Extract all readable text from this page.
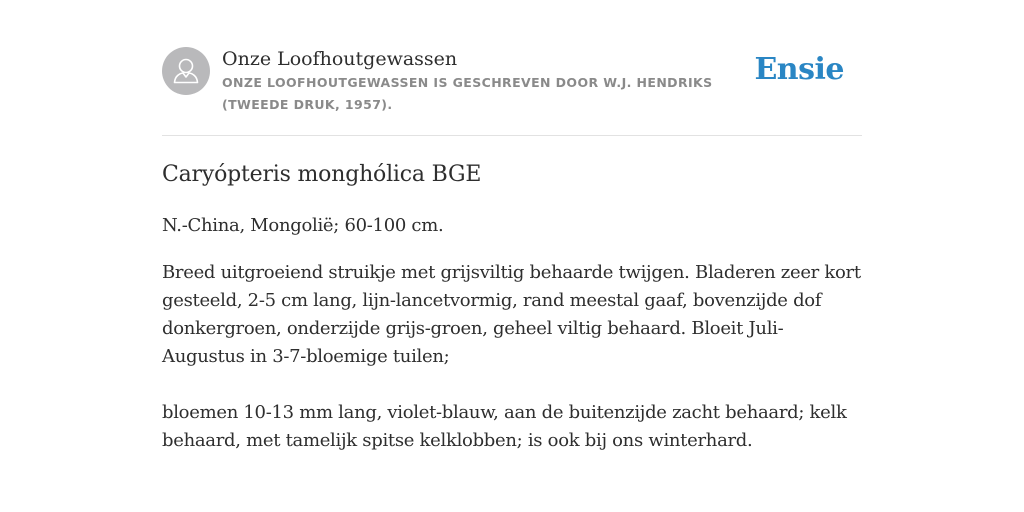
Onze Loofhoutgewassen
ONZE LOOFHOUTGEWASSEN IS GESCHREVEN DOOR W.J. HENDRIKS (TWEEDE DRUK, 1957).
Ensie
Caryópteris monghólica BGE

N.-China, Mongolië; 60-100 cm.

Breed uitgroeiend struikje met grijsviltig behaarde twijgen. Bladeren zeer kort gesteeld, 2-5 cm lang, lijn-lancetvormig, rand meestal gaaf, bovenzijde dof donkergroen, onderzijde grijs-groen, geheel viltig behaard. Bloeit Juli-Augustus in 3-7-bloemige tuilen;

bloemen 10-13 mm lang, violet-blauw, aan de buitenzijde zacht behaard; kelk behaard, met tamelijk spitse kelklobben; is ook bij ons winterhard.
